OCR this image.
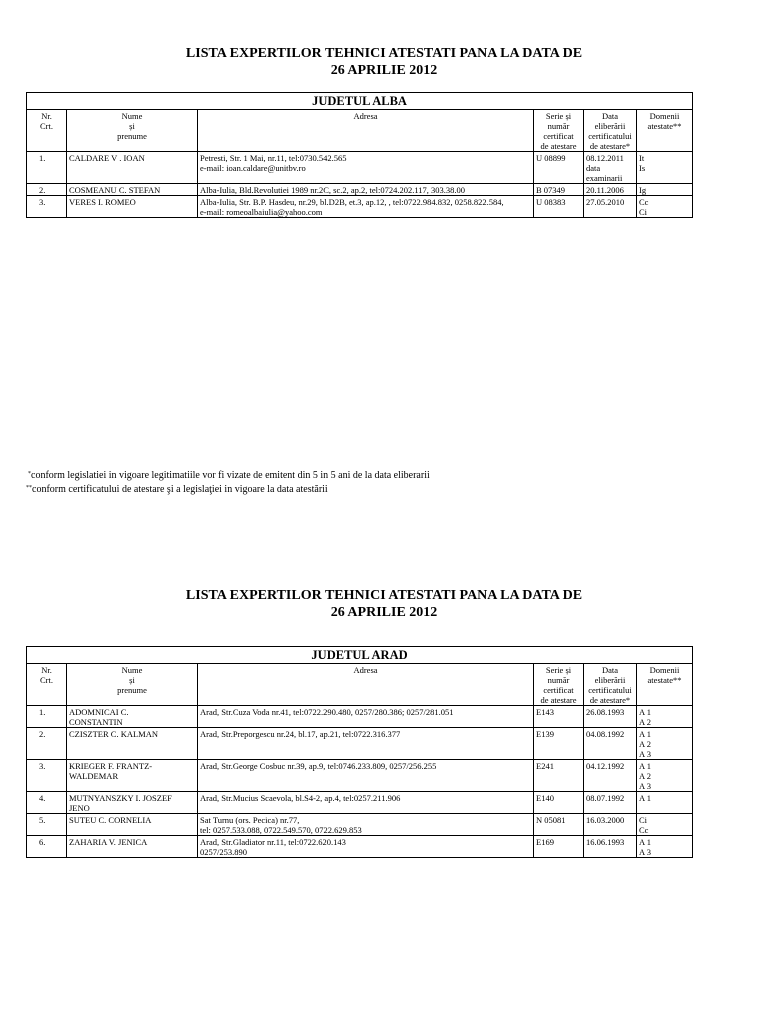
LISTA EXPERTILOR TEHNICI ATESTATI PANA LA DATA DE
26 APRILIE 2012
JUDETUL ALBA					
Nr.
Crt.	Nume
și
prenume	Adresa	Serie și
număr
certificat
de atestare	Data
eliberării
certificatului
de atestare*	Domenii
atestate**
1.	CALDARE V . IOAN	Petresti, Str. 1 Mai, nr.11, tel:0730.542.565
e-mail: ioan.caldare@unitbv.ro	U 08899	08.12.2011
data
examinarii	It
Is
2.	COSMEANU C. STEFAN	Alba-Iulia, Bld.Revolutiei 1989 nr.2C, sc.2, ap.2, tel:0724.202.117, 303.38.00	B 07349	20.11.2006	Ig
3.	VERES I. ROMEO	Alba-Iulia, Str. B.P. Hasdeu, nr.29, bl.D2B, et.3, ap.12, , tel:0722.984.832, 0258.822.584,
e-mail: romeoalbaiulia@yahoo.com	U 08383	27.05.2010	Cc
Ci
*conform legislatiei in vigoare legitimatiile vor fi vizate de emitent din 5 in 5 ani de la data eliberarii
**conform certificatului de atestare şi a legislaţiei in vigoare la data atestării
LISTA EXPERTILOR TEHNICI ATESTATI PANA LA DATA DE
26 APRILIE 2012
JUDETUL ARAD					
Nr.
Crt.	Nume
și
prenume	Adresa	Serie și
număr
certificat
de atestare	Data
eliberării
certificatului
de atestare*	Domenii
atestate**
1.	ADOMNICAI C.
CONSTANTIN	Arad, Str.Cuza Voda nr.41, tel:0722.290.480, 0257/280.386; 0257/281.051	E143	26.08.1993	A 1
A 2
2.	CZISZTER C. KALMAN	Arad, Str.Preporgescu nr.24, bl.17, ap.21, tel:0722.316.377	E139	04.08.1992	A 1
A 2
A 3
3.	KRIEGER F. FRANTZ-
WALDEMAR	Arad, Str.George Cosbuc nr.39, ap.9, tel:0746.233.809, 0257/256.255	E241	04.12.1992	A 1
A 2
A 3
4.	MUTNYANSZKY I. JOSZEF
JENO	Arad, Str.Mucius Scaevola, bl.S4-2, ap.4, tel:0257.211.906	E140	08.07.1992	A 1
5.	SUTEU C. CORNELIA	Sat Turnu (ors. Pecica) nr.77,
tel: 0257.533.088, 0722.549.570, 0722.629.853	N 05081	16.03.2000	Ci
Cc
6.	ZAHARIA V. JENICA	Arad, Str.Gladiator nr.11, tel:0722.620.143
0257/253.890	E169	16.06.1993	A 1
A 3
